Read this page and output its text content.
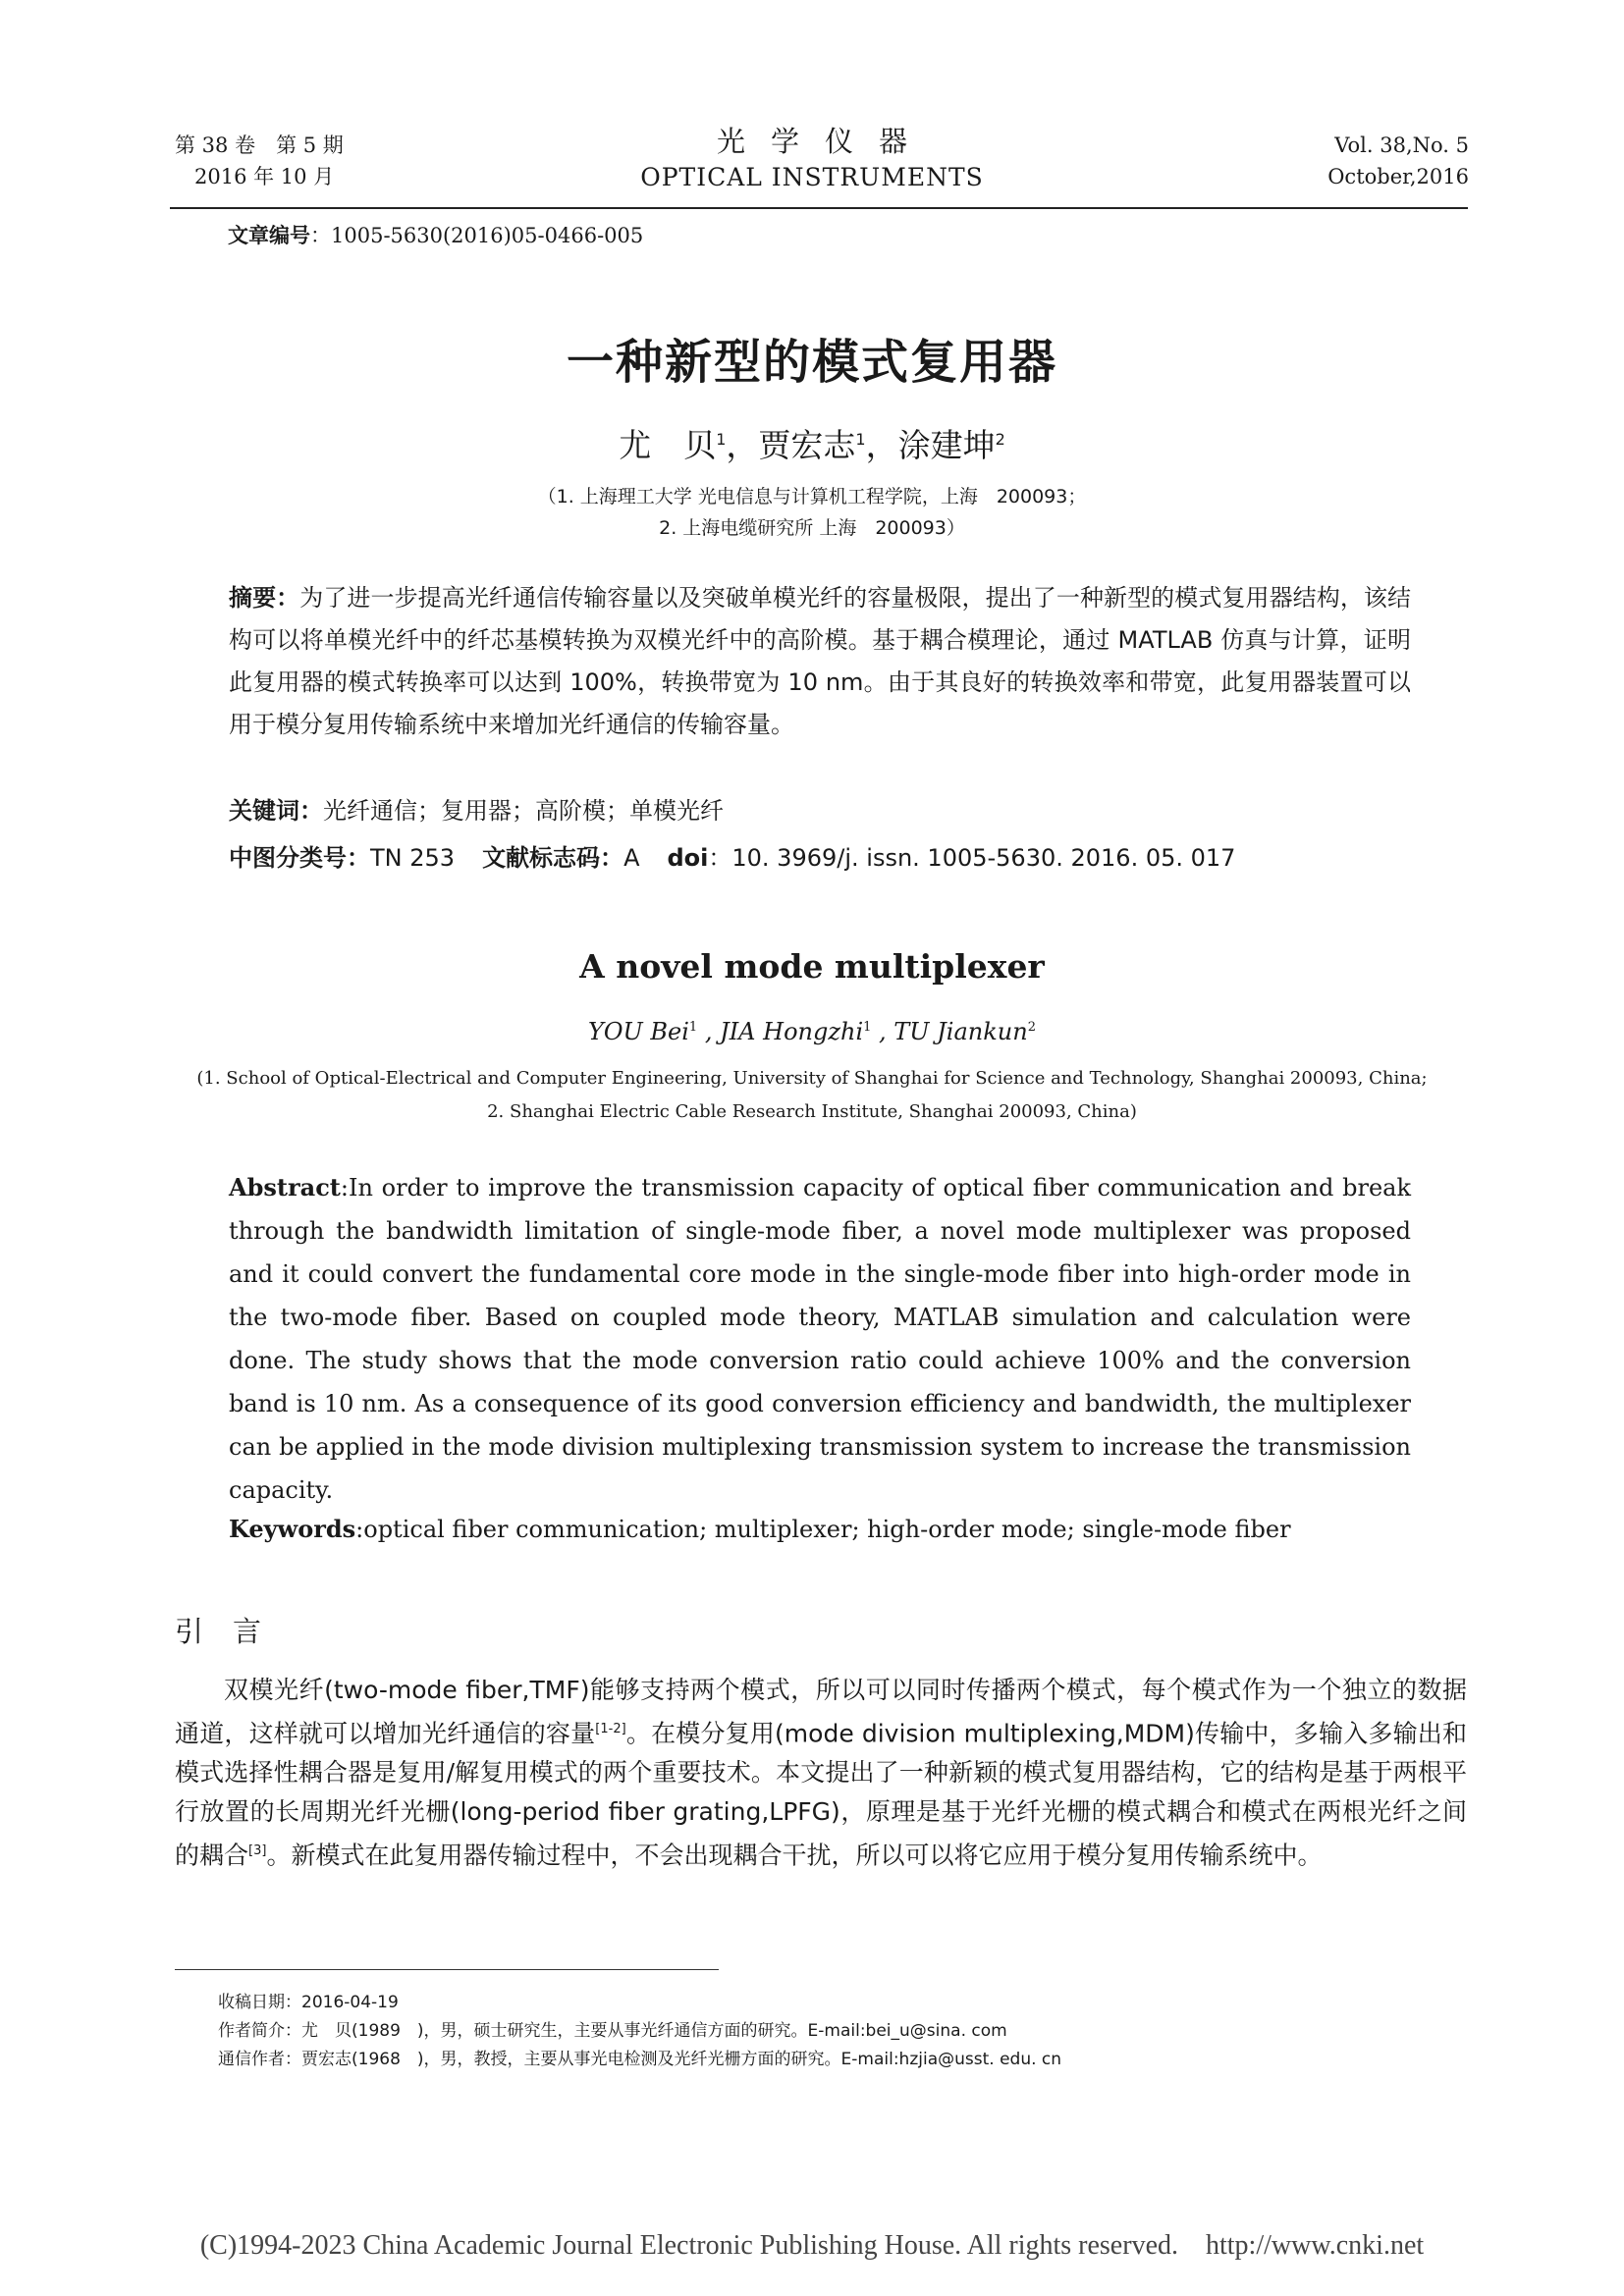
第 38 卷　第 5 期
2016 年 10 月
光学仪器
OPTICAL INSTRUMENTS
Vol. 38,No. 5
October,2016
文章编号：1005-5630(2016)05-0466-005
一种新型的模式复用器
尤　贝$^1$，贾宏志$^1$，涂建坤$^2$
（1. 上海理工大学 光电信息与计算机工程学院，上海　200093；
2. 上海电缆研究所 上海　200093）
摘要：为了进一步提高光纤通信传输容量以及突破单模光纤的容量极限，提出了一种新型的模式复用器结构，该结构可以将单模光纤中的纤芯基模转换为双模光纤中的高阶模。基于耦合模理论，通过 MATLAB 仿真与计算，证明此复用器的模式转换率可以达到 100%，转换带宽为 10 nm。由于其良好的转换效率和带宽，此复用器装置可以用于模分复用传输系统中来增加光纤通信的传输容量。
关键词：光纤通信；复用器；高阶模；单模光纤
中图分类号：TN 253 文献标志码：A doi：10. 3969/j. issn. 1005-5630. 2016. 05. 017
A novel mode multiplexer
YOU Bei$^1$ , JIA Hongzhi$^1$ , TU Jiankun$^2$
(1. School of Optical-Electrical and Computer Engineering, University of Shanghai for Science and Technology, Shanghai 200093, China;
2. Shanghai Electric Cable Research Institute, Shanghai 200093, China)
Abstract:In order to improve the transmission capacity of optical fiber communication and break through the bandwidth limitation of single-mode fiber, a novel mode multiplexer was proposed and it could convert the fundamental core mode in the single-mode fiber into high-order mode in the two-mode fiber. Based on coupled mode theory, MATLAB simulation and calculation were done. The study shows that the mode conversion ratio could achieve 100% and the conversion band is 10 nm. As a consequence of its good conversion efficiency and bandwidth, the multiplexer can be applied in the mode division multiplexing transmission system to increase the transmission capacity.
Keywords:optical fiber communication; multiplexer; high-order mode; single-mode fiber
引言
双模光纤(two-mode fiber,TMF)能够支持两个模式，所以可以同时传播两个模式，每个模式作为一个独立的数据通道，这样就可以增加光纤通信的容量[1-2]。在模分复用(mode division multiplexing,MDM)传输中，多输入多输出和模式选择性耦合器是复用/解复用模式的两个重要技术。本文提出了一种新颖的模式复用器结构，它的结构是基于两根平行放置的长周期光纤光栅(long-period fiber grating,LPFG)，原理是基于光纤光栅的模式耦合和模式在两根光纤之间的耦合[3]。新模式在此复用器传输过程中，不会出现耦合干扰，所以可以将它应用于模分复用传输系统中。
收稿日期：2016-04-19
作者简介：尤　贝(1989　)，男，硕士研究生，主要从事光纤通信方面的研究。E-mail:bei_u@sina. com
通信作者：贾宏志(1968　)，男，教授，主要从事光电检测及光纤光栅方面的研究。E-mail:hzjia@usst. edu. cn
(C)1994-2023 China Academic Journal Electronic Publishing House. All rights reserved. http://www.cnki.net
